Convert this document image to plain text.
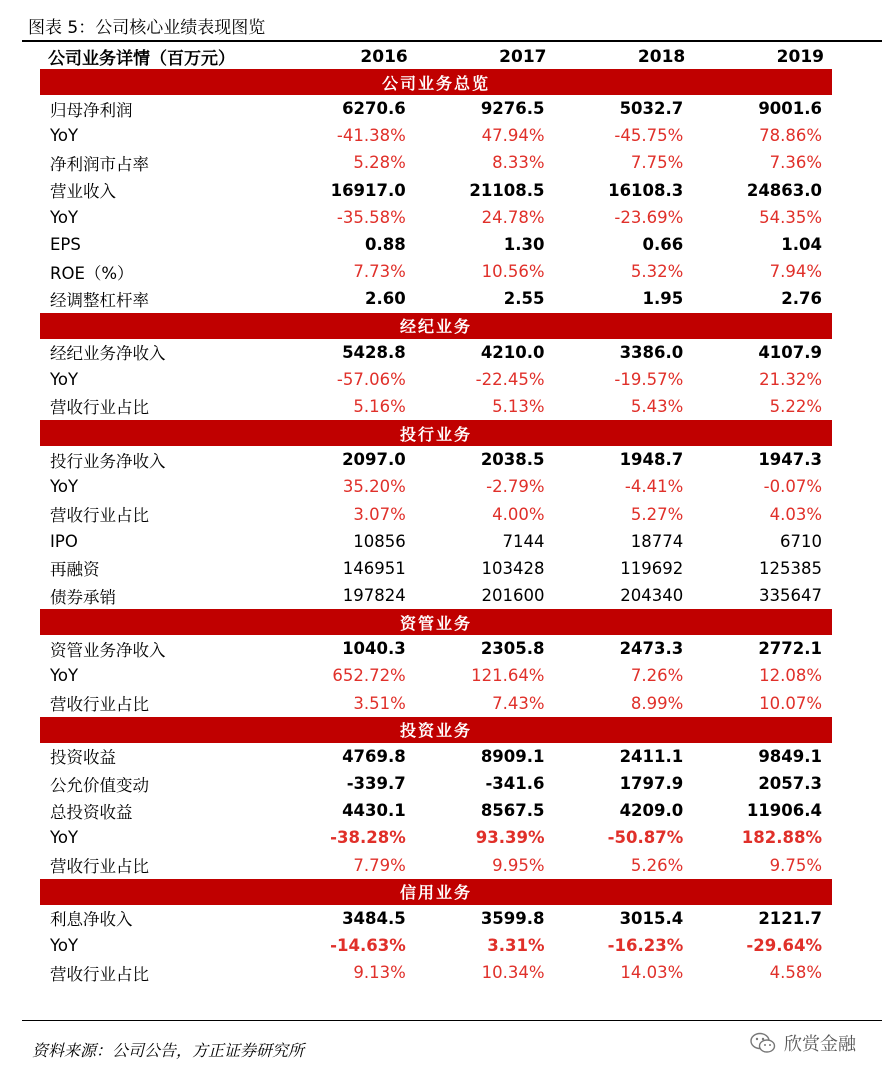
图表 5：公司核心业绩表现图览
公司业务详情（百万元）	2016	2017	2018	2019
公司业务总览				
归母净利润	6270.6	9276.5	5032.7	9001.6
YoY	-41.38%	47.94%	-45.75%	78.86%
净利润市占率	5.28%	8.33%	7.75%	7.36%
营业收入	16917.0	21108.5	16108.3	24863.0
YoY	-35.58%	24.78%	-23.69%	54.35%
EPS	0.88	1.30	0.66	1.04
ROE（%）	7.73%	10.56%	5.32%	7.94%
经调整杠杆率	2.60	2.55	1.95	2.76
经纪业务				
经纪业务净收入	5428.8	4210.0	3386.0	4107.9
YoY	-57.06%	-22.45%	-19.57%	21.32%
营收行业占比	5.16%	5.13%	5.43%	5.22%
投行业务				
投行业务净收入	2097.0	2038.5	1948.7	1947.3
YoY	35.20%	-2.79%	-4.41%	-0.07%
营收行业占比	3.07%	4.00%	5.27%	4.03%
IPO	10856	7144	18774	6710
再融资	146951	103428	119692	125385
债券承销	197824	201600	204340	335647
资管业务				
资管业务净收入	1040.3	2305.8	2473.3	2772.1
YoY	652.72%	121.64%	7.26%	12.08%
营收行业占比	3.51%	7.43%	8.99%	10.07%
投资业务				
投资收益	4769.8	8909.1	2411.1	9849.1
公允价值变动	-339.7	-341.6	1797.9	2057.3
总投资收益	4430.1	8567.5	4209.0	11906.4
YoY	-38.28%	93.39%	-50.87%	182.88%
营收行业占比	7.79%	9.95%	5.26%	9.75%
信用业务				
利息净收入	3484.5	3599.8	3015.4	2121.7
YoY	-14.63%	3.31%	-16.23%	-29.64%
营收行业占比	9.13%	10.34%	14.03%	4.58%
资料来源：公司公告，方正证券研究所	欣赏金融
